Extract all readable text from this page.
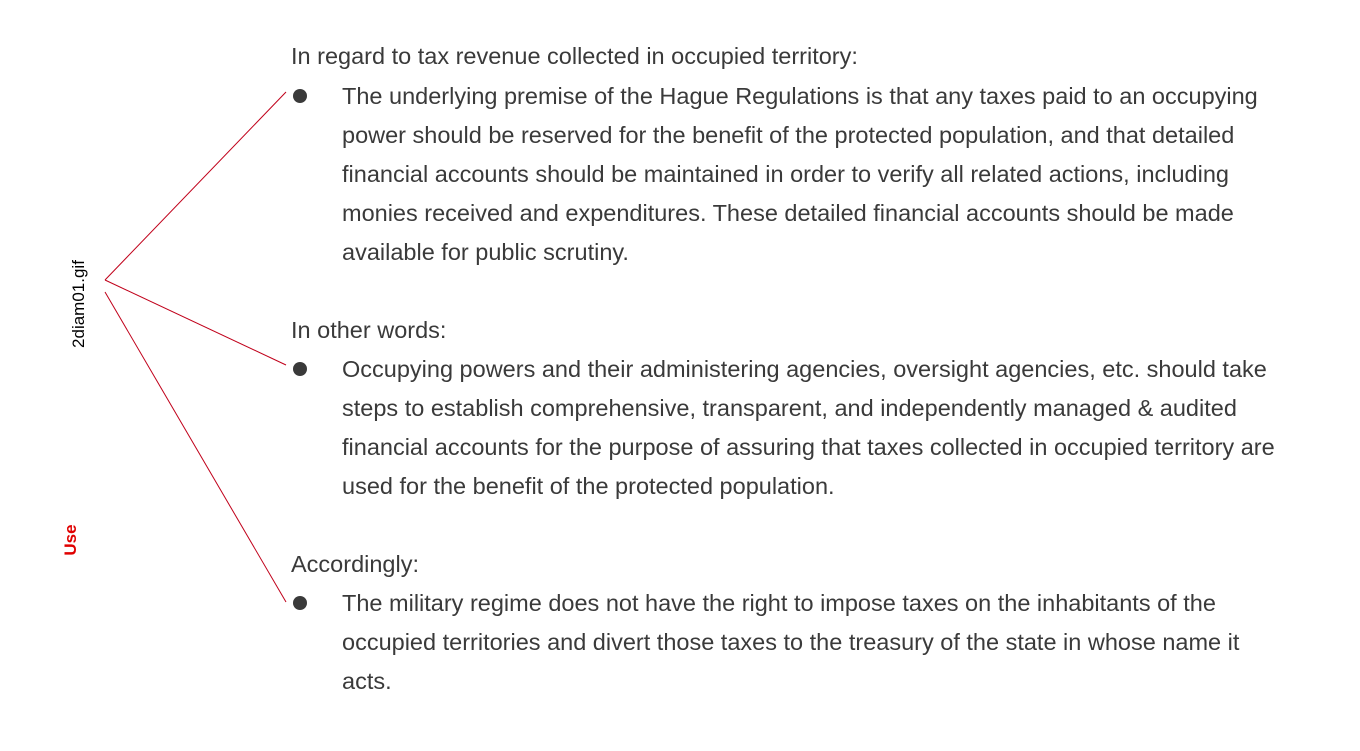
2diam01.gif
Use
In regard to tax revenue collected in occupied territory:

The underlying premise of the Hague Regulations is that any taxes paid to an occupying power should be reserved for the benefit of the protected population, and that detailed financial accounts should be maintained in order to verify all related actions, including monies received and expenditures. These detailed financial accounts should be made available for public scrutiny.

In other words:

Occupying powers and their administering agencies, oversight agencies, etc. should take steps to establish comprehensive, transparent, and independently managed & audited financial accounts for the purpose of assuring that taxes collected in occupied territory are used for the benefit of the protected population.

Accordingly:

The military regime does not have the right to impose taxes on the inhabitants of the occupied territories and divert those taxes to the treasury of the state in whose name it acts.
